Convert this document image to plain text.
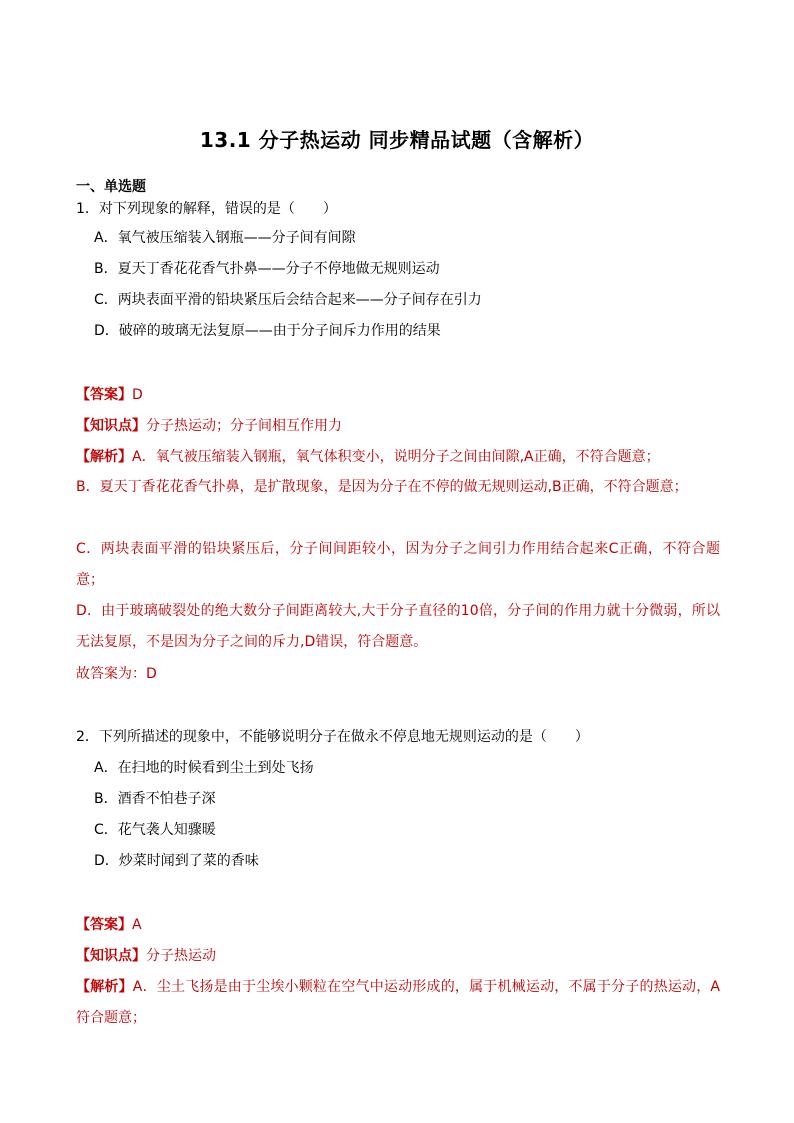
13.1 分子热运动 同步精品试题（含解析）
一、单选题
1．对下列现象的解释，错误的是（　　）
A．氧气被压缩装入钢瓶——分子间有间隙
B．夏天丁香花花香气扑鼻——分子不停地做无规则运动
C．两块表面平滑的铅块紧压后会结合起来——分子间存在引力
D．破碎的玻璃无法复原——由于分子间斥力作用的结果
【答案】D
【知识点】分子热运动；分子间相互作用力
【解析】A．氧气被压缩装入钢瓶，氧气体积变小，说明分子之间由间隙,A正确，不符合题意；
B．夏天丁香花花香气扑鼻，是扩散现象，是因为分子在不停的做无规则运动,B正确，不符合题意；
C．两块表面平滑的铅块紧压后，分子间间距较小，因为分子之间引力作用结合起来C正确，不符合题意；
D．由于玻璃破裂处的绝大数分子间距离较大,大于分子直径的10倍，分子间的作用力就十分微弱，所以无法复原，不是因为分子之间的斥力,D错误，符合题意。
故答案为：D
2．下列所描述的现象中，不能够说明分子在做永不停息地无规则运动的是（　　）
A．在扫地的时候看到尘土到处飞扬
B．酒香不怕巷子深
C．花气袭人知骤暖
D．炒菜时闻到了菜的香味
【答案】A
【知识点】分子热运动
【解析】A．尘土飞扬是由于尘埃小颗粒在空气中运动形成的，属于机械运动，不属于分子的热运动，A符合题意；
